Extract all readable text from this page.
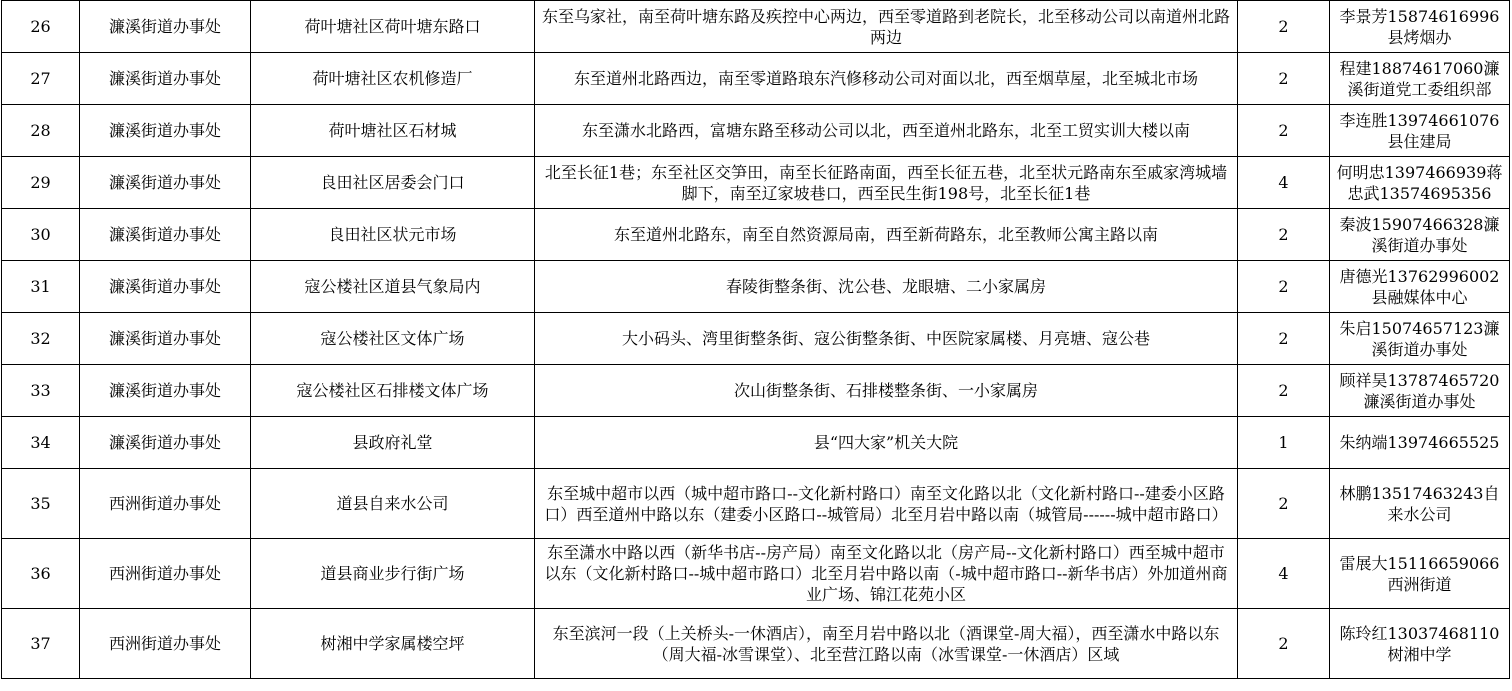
26	濂溪街道办事处	荷叶塘社区荷叶塘东路口	东至乌家社，南至荷叶塘东路及疾控中心两边，西至零道路到老院长，北至移动公司以南道州北路两边	2	李景芳15874616996县烤烟办
27	濂溪街道办事处	荷叶塘社区农机修造厂	东至道州北路西边，南至零道路琅东汽修移动公司对面以北，西至烟草屋，北至城北市场	2	程建18874617060濂溪街道党工委组织部
28	濂溪街道办事处	荷叶塘社区石材城	东至潇水北路西，富塘东路至移动公司以北，西至道州北路东，北至工贸实训大楼以南	2	李连胜13974661076县住建局
29	濂溪街道办事处	良田社区居委会门口	北至长征1巷；东至社区交笋田，南至长征路南面，西至长征五巷，北至状元路南东至戚家湾城墙脚下，南至辽家坡巷口，西至民生街198号，北至长征1巷	4	何明忠1397466939蒋忠武13574695356
30	濂溪街道办事处	良田社区状元市场	东至道州北路东，南至自然资源局南，西至新荷路东，北至教师公寓主路以南	2	秦波15907466328濂溪街道办事处
31	濂溪街道办事处	寇公楼社区道县气象局内	春陵街整条街、沈公巷、龙眼塘、二小家属房	2	唐德光13762996002县融媒体中心
32	濂溪街道办事处	寇公楼社区文体广场	大小码头、湾里街整条街、寇公街整条街、中医院家属楼、月亮塘、寇公巷	2	朱启15074657123濂溪街道办事处
33	濂溪街道办事处	寇公楼社区石排楼文体广场	次山街整条街、石排楼整条街、一小家属房	2	顾祥昊13787465720濂溪街道办事处
34	濂溪街道办事处	县政府礼堂	县“四大家”机关大院	1	朱纳端13974665525
35	西洲街道办事处	道县自来水公司	东至城中超市以西（城中超市路口--文化新村路口）南至文化路以北（文化新村路口--建委小区路口）西至道州中路以东（建委小区路口--城管局）北至月岩中路以南（城管局------城中超市路口）	2	林鹏13517463243自来水公司
36	西洲街道办事处	道县商业步行街广场	东至潇水中路以西（新华书店--房产局）南至文化路以北（房产局--文化新村路口）西至城中超市以东（文化新村路口--城中超市路口）北至月岩中路以南（-城中超市路口--新华书店）外加道州商业广场、锦江花苑小区	4	雷展大15116659066西洲街道
37	西洲街道办事处	树湘中学家属楼空坪	东至滨河一段（上关桥头-一休酒店），南至月岩中路以北（酒课堂-周大福），西至潇水中路以东（周大福-冰雪课堂）、北至营江路以南（冰雪课堂-一休酒店）区域	2	陈玲红13037468110树湘中学
